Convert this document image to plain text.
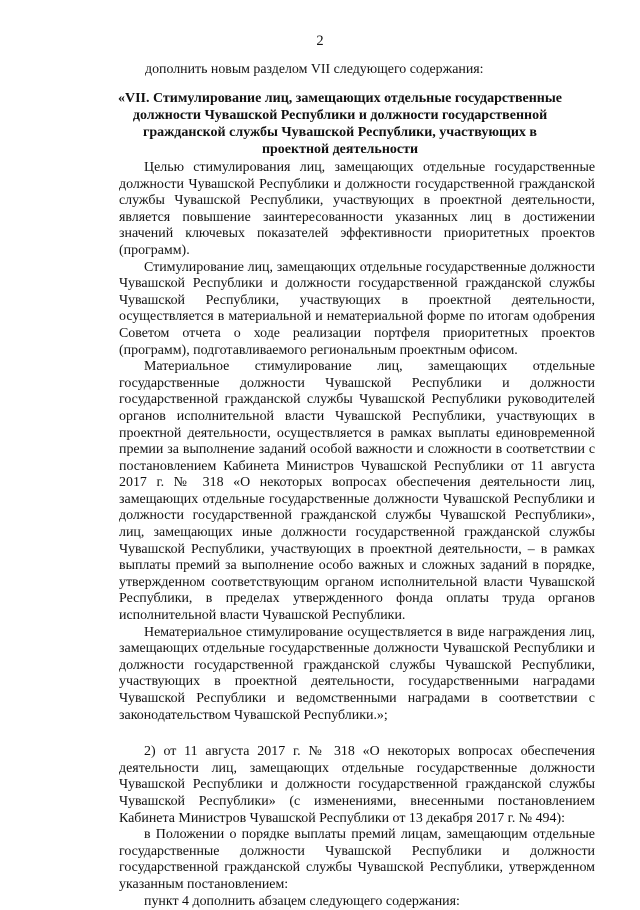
2
дополнить новым разделом VII следующего содержания:
«VII. Стимулирование лиц, замещающих отдельные государственные должности Чувашской Республики и должности государственной гражданской службы Чувашской Республики, участвующих в проектной деятельности

Целью стимулирования лиц, замещающих отдельные государственные должности Чувашской Республики и должности государственной гражданской службы Чувашской Республики, участвующих в проектной деятельности, является повышение заинтересованности указанных лиц в достижении значений ключевых показателей эффективности приоритетных проектов (программ).

Стимулирование лиц, замещающих отдельные государственные должности Чувашской Республики и должности государственной гражданской службы Чувашской Республики, участвующих в проектной деятельности, осуществляется в материальной и нематериальной форме по итогам одобрения Советом отчета о ходе реализации портфеля приоритетных проектов (программ), подготавливаемого региональным проектным офисом.

Материальное стимулирование лиц, замещающих отдельные государственные должности Чувашской Республики и должности государственной гражданской службы Чувашской Республики руководителей органов исполнительной власти Чувашской Республики, участвующих в проектной деятельности, осуществляется в рамках выплаты единовременной премии за выполнение заданий особой важности и сложности в соответствии с постановлением Кабинета Министров Чувашской Республики от 11 августа 2017 г. № 318 «О некоторых вопросах обеспечения деятельности лиц, замещающих отдельные государственные должности Чувашской Республики и должности государственной гражданской службы Чувашской Республики», лиц, замещающих иные должности государственной гражданской службы Чувашской Республики, участвующих в проектной деятельности, – в рамках выплаты премий за выполнение особо важных и сложных заданий в порядке, утвержденном соответствующим органом исполнительной власти Чувашской Республики, в пределах утвержденного фонда оплаты труда органов исполнительной власти Чувашской Республики.

Нематериальное стимулирование осуществляется в виде награждения лиц, замещающих отдельные государственные должности Чувашской Республики и должности государственной гражданской службы Чувашской Республики, участвующих в проектной деятельности, государственными наградами Чувашской Республики и ведомственными наградами в соответствии с законодательством Чувашской Республики.»;

2) от 11 августа 2017 г. № 318 «О некоторых вопросах обеспечения деятельности лиц, замещающих отдельные государственные должности Чувашской Республики и должности государственной гражданской службы Чувашской Республики» (с изменениями, внесенными постановлением Кабинета Министров Чувашской Республики от 13 декабря 2017 г. № 494):

в Положении о порядке выплаты премий лицам, замещающим отдельные государственные должности Чувашской Республики и должности государственной гражданской службы Чувашской Республики, утвержденном указанным постановлением:

пункт 4 дополнить абзацем следующего содержания:
